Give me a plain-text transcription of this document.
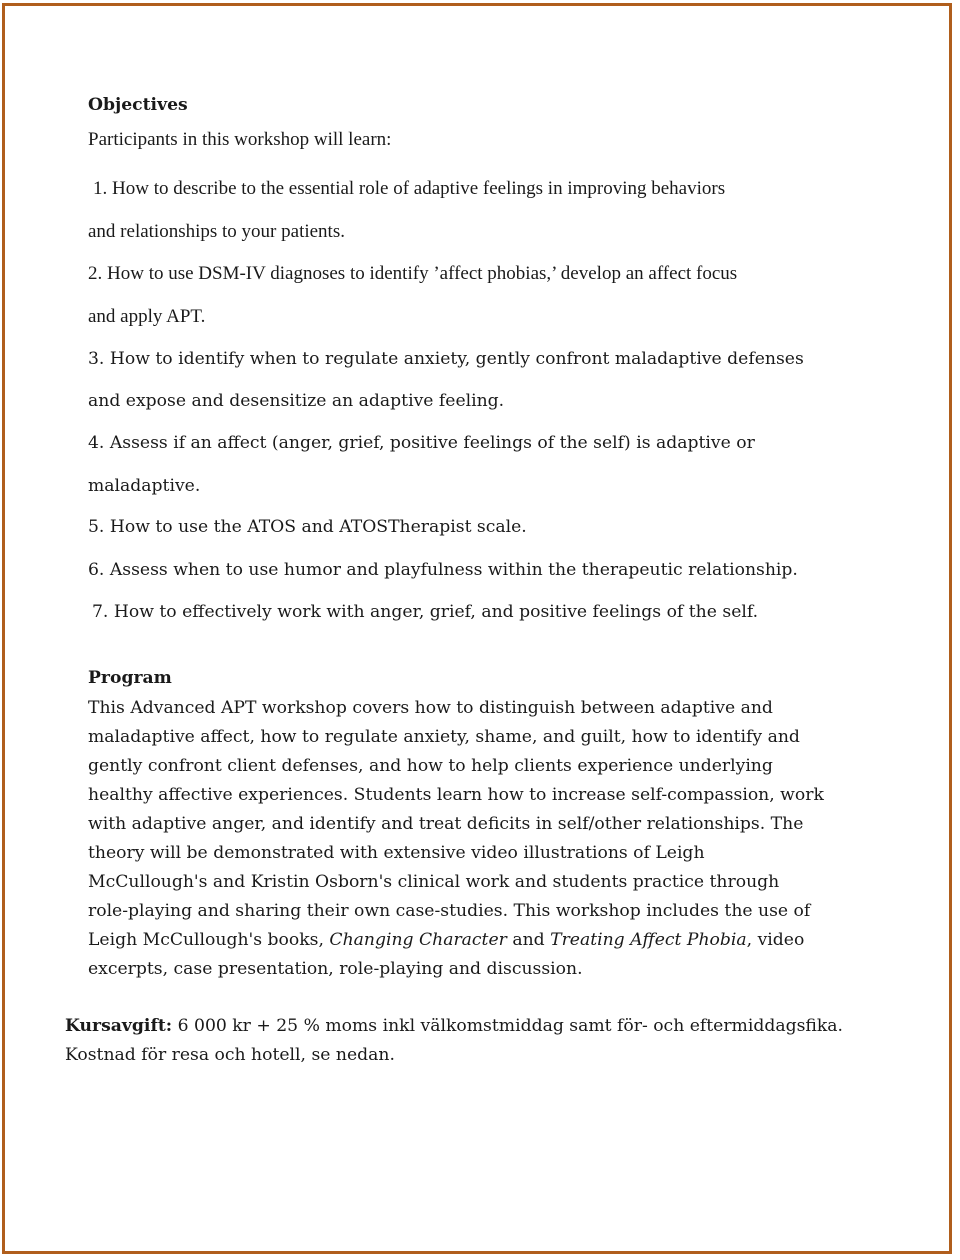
Objectives
Participants in this workshop will learn:
1. How to describe to the essential role of adaptive feelings in improving behaviors
and relationships to your patients.
2. How to use DSM-IV diagnoses to identify ’affect phobias,’ develop an affect focus
and apply APT.
3. How to identify when to regulate anxiety, gently confront maladaptive defenses
and expose and desensitize an adaptive feeling.
4. Assess if an affect (anger, grief, positive feelings of the self) is adaptive or
maladaptive.
5. How to use the ATOS and ATOSTherapist scale.
6. Assess when to use humor and playfulness within the therapeutic relationship.
7. How to effectively work with anger, grief, and positive feelings of the self.
Program
This Advanced APT workshop covers how to distinguish between adaptive and
maladaptive affect, how to regulate anxiety, shame, and guilt, how to identify and
gently confront client defenses, and how to help clients experience underlying
healthy affective experiences. Students learn how to increase self-compassion, work
with adaptive anger, and identify and treat deficits in self/other relationships. The
theory will be demonstrated with extensive video illustrations of Leigh
McCullough's and Kristin Osborn's clinical work and students practice through
role-playing and sharing their own case-studies. This workshop includes the use of
Leigh McCullough's books, Changing Character and Treating Affect Phobia, video
excerpts, case presentation, role-playing and discussion.
Kursavgift: 6 000 kr + 25 % moms inkl välkomstmiddag samt för- och eftermiddagsfika.
Kostnad för resa och hotell, se nedan.
